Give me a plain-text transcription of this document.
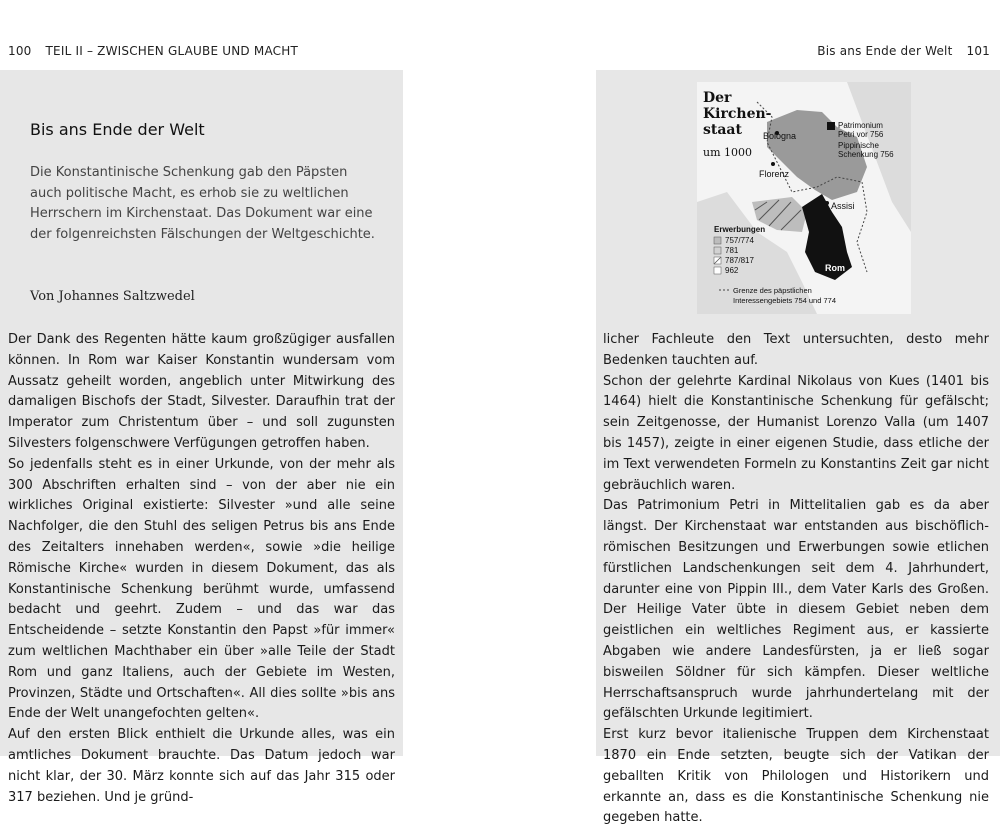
100 TEIL II – ZWISCHEN GLAUBE UND MACHT	Bis ans Ende der Welt 101
Bis ans Ende der Welt
Die Konstantinische Schenkung gab den Päpsten auch politische Macht, es erhob sie zu weltlichen Herrschern im Kirchenstaat. Das Dokument war eine der folgenreichsten Fälschungen der Weltgeschichte.
Von Johannes Saltzwedel

Der Dank des Regenten hätte kaum großzügiger ausfallen können. In Rom war Kaiser Konstantin wundersam vom Aussatz geheilt worden, angeblich unter Mitwirkung des damaligen Bischofs der Stadt, Silvester. Daraufhin trat der Imperator zum Christentum über – und soll zugunsten Silvesters folgenschwere Verfügungen getroffen haben.

So jedenfalls steht es in einer Urkunde, von der mehr als 300 Abschriften erhalten sind – von der aber nie ein wirkliches Original existierte: Silvester »und alle seine Nachfolger, die den Stuhl des seligen Petrus bis ans Ende des Zeitalters innehaben werden«, sowie »die heilige Römische Kirche« wurden in diesem Dokument, das als Konstantinische Schenkung berühmt wurde, umfassend bedacht und geehrt. Zudem – und das war das Entscheidende – setzte Konstantin den Papst »für immer« zum weltlichen Machthaber ein über »alle Teile der Stadt Rom und ganz Italiens, auch der Gebiete im Westen, Provinzen, Städte und Ortschaften«. All dies sollte »bis ans Ende der Welt unangefochten gelten«.

Auf den ersten Blick enthielt die Urkunde alles, was ein amtliches Dokument brauchte. Das Datum jedoch war nicht klar, der 30. März konnte sich auf das Jahr 315 oder 317 beziehen. Und je gründ-

licher Fachleute den Text untersuchten, desto mehr Bedenken tauchten auf.

Schon der gelehrte Kardinal Nikolaus von Kues (1401 bis 1464) hielt die Konstantinische Schenkung für gefälscht; sein Zeitgenosse, der Humanist Lorenzo Valla (um 1407 bis 1457), zeigte in einer eigenen Studie, dass etliche der im Text verwendeten Formeln zu Konstantins Zeit gar nicht gebräuchlich waren.

Das Patrimonium Petri in Mittelitalien gab es da aber längst. Der Kirchenstaat war entstanden aus bischöflich-römischen Besitzungen und Erwerbungen sowie etlichen fürstlichen Landschenkungen seit dem 4. Jahrhundert, darunter eine von Pippin III., dem Vater Karls des Großen. Der Heilige Vater übte in diesem Gebiet neben dem geistlichen ein weltliches Regiment aus, er kassierte Abgaben wie andere Landesfürsten, ja er ließ sogar bisweilen Söldner für sich kämpfen. Dieser weltliche Herrschaftsanspruch wurde jahrhundertelang mit der gefälschten Urkunde legitimiert.

Erst kurz bevor italienische Truppen dem Kirchenstaat 1870 ein Ende setzten, beugte sich der Vatikan der geballten Kritik von Philologen und Historikern und erkannte an, dass es die Konstantinische Schenkung nie gegeben hatte.

Der Kirchen- staat
um 1000
Bologna
Florenz
Assisi
Rom
Patrimonium Petri vor 756
Pippinische Schenkung 756
Erwerbungen
757/774
781
787/817
962
Grenze des päpstlichen Interessengebiets 754 und 774
